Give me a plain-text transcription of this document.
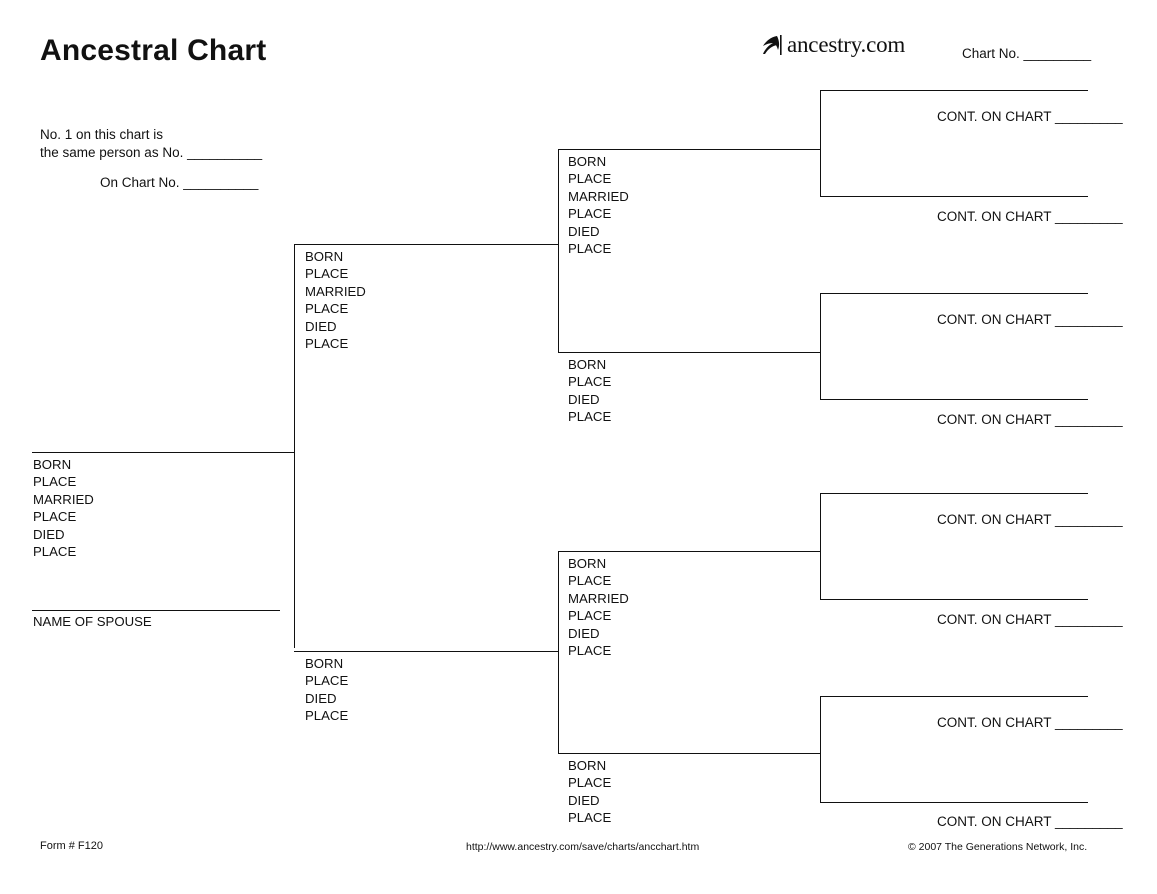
Ancestral Chart	ancestry.com	Chart No. _________
No. 1 on this chart is
the same person as No. __________
On Chart No. __________
BORN
PLACE
MARRIED
PLACE
DIED
PLACE
NAME OF SPOUSE
BORN
PLACE
MARRIED
PLACE
DIED
PLACE
BORN
PLACE
DIED
PLACE
BORN
PLACE
MARRIED
PLACE
DIED
PLACE
BORN
PLACE
DIED
PLACE
BORN
PLACE
MARRIED
PLACE
DIED
PLACE
BORN
PLACE
DIED
PLACE
CONT. ON CHART _________
CONT. ON CHART _________
CONT. ON CHART _________
CONT. ON CHART _________
CONT. ON CHART _________
CONT. ON CHART _________
CONT. ON CHART _________
CONT. ON CHART _________
Form # F120	http://www.ancestry.com/save/charts/ancchart.htm	© 2007 The Generations Network, Inc.
